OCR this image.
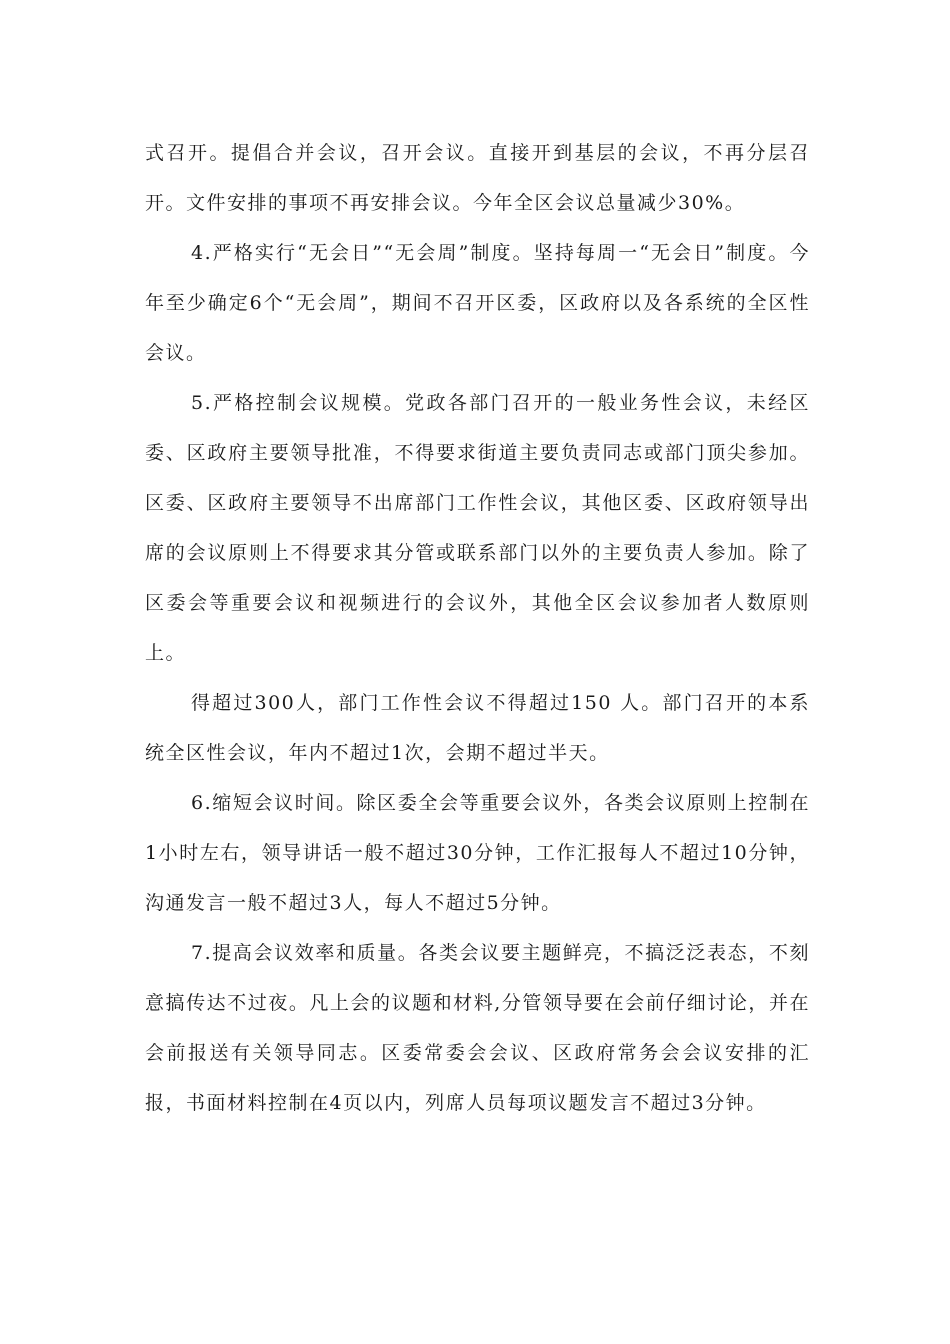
式召开。提倡合并会议，召开会议。直接开到基层的会议，不再分层召开。文件安排的事项不再安排会议。今年全区会议总量减少30%。

4.严格实行“无会日”“无会周”制度。坚持每周一“无会日”制度。今年至少确定6个“无会周”，期间不召开区委，区政府以及各系统的全区性会议。

5.严格控制会议规模。党政各部门召开的一般业务性会议，未经区委、区政府主要领导批准，不得要求街道主要负责同志或部门顶尖参加。区委、区政府主要领导不出席部门工作性会议，其他区委、区政府领导出席的会议原则上不得要求其分管或联系部门以外的主要负责人参加。除了区委会等重要会议和视频进行的会议外，其他全区会议参加者人数原则上。

得超过300人，部门工作性会议不得超过150 人。部门召开的本系统全区性会议，年内不超过1次，会期不超过半天。

6.缩短会议时间。除区委全会等重要会议外，各类会议原则上控制在1小时左右，领导讲话一般不超过30分钟，工作汇报每人不超过10分钟，沟通发言一般不超过3人，每人不超过5分钟。

7.提高会议效率和质量。各类会议要主题鲜亮，不搞泛泛表态，不刻意搞传达不过夜。凡上会的议题和材料,分管领导要在会前仔细讨论，并在会前报送有关领导同志。区委常委会会议、区政府常务会会议安排的汇报，书面材料控制在4页以内，列席人员每项议题发言不超过3分钟。
